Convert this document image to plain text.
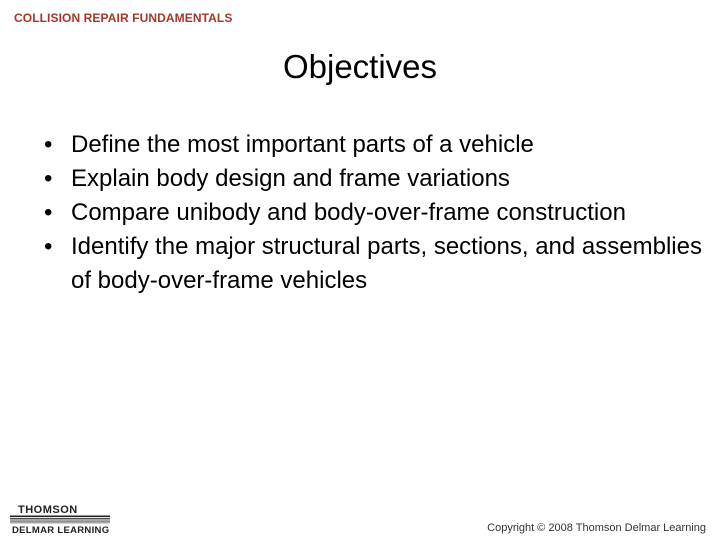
COLLISION REPAIR FUNDAMENTALS
Objectives
• Define the most important parts of a vehicle
• Explain body design and frame variations
• Compare unibody and body-over-frame construction
• Identify the major structural parts, sections, and assemblies of body-over-frame vehicles
THOMSON
DELMAR LEARNING	Copyright © 2008 Thomson Delmar Learning
